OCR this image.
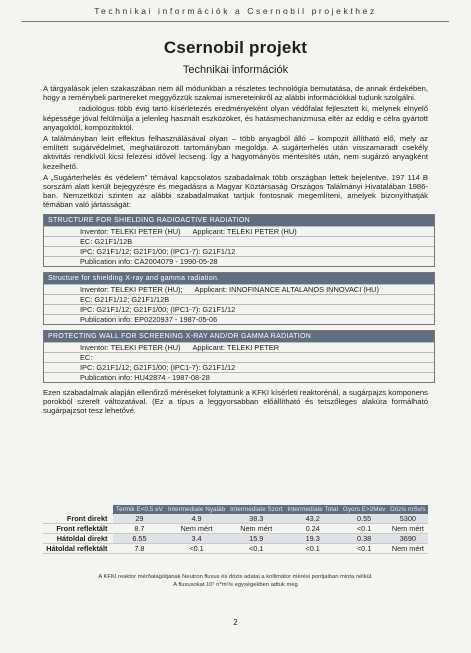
Technikai információk a Csernobil projekthez
Csernobil projekt
Technikai információk

A tárgyalások jelen szakaszában nem áll módunkban a részletes technológia bemutatása, de annak érdekében, hogy a reménybeli partnereket meggyőzzük szakmai ismereteinkről az alábbi információkkal tudunk szolgálni.

radiológus több évig tartó kísérletezés eredményeként olyan védőfalat fejlesztett ki, melynek elnyelő képessége jóval felülmúlja a jelenleg használt eszközöket, és hatásmechanizmusa eltér az eddig e célra gyártott anyagoktól, kompozitoktól.

A találmányban leírt effektus felhasználásával olyan – több anyagból álló – kompozit állítható elő, mely az említett sugárvédelmet, meghatározott tartományban megoldja. A sugárterhelés után visszamaradt csekély aktivitás rendkívül kicsi felezési idővel lecseng. Így a hagyományos mentesítés után, nem sugárzó anyagként kezelhető.

A „Sugárterhelés és védelem" témával kapcsolatos szabadalmak több országban lettek bejelentve. 197 114 B sorszám alatt került bejegyzésre és megadásra a Magyar Köztársaság Országos Találmányi Hivatalában 1986-ban. Nemzetközi szinten az alábbi szabadalmakat tartjuk fontosnak megemlíteni, amelyek bizonyíthatják témában való jártasságát:

STRUCTURE FOR SHIELDING RADIOACTIVE RADIATION
Inventor: TELEKI PETER (HU) Applicant: TELEKI PETER (HU)
EC: G21F1/12B
IPC: G21F1/12; G21F1/00; (IPC1-7): G21F1/12
Publication info: CA2004079 - 1990-05-28
Structure for shielding X-ray and gamma radiation.
Inventor: TELEKI PETER (HU); Applicant: INNOFINANCE ALTALANOS INNOVACI (HU)
EC: G21F1/12; G21F1/12B
IPC: G21F1/12; G21F1/00; (IPC1-7): G21F1/12
Publication info: EP0220937 - 1987-05-06
PROTECTING WALL FOR SCREENING X-RAY AND/OR GAMMA RADIATION
Inventor: TELEKI PETER (HU) Applicant: TELEKI PETER
EC:
IPC: G21F1/12; G21F1/00; (IPC1-7): G21F1/12
Publication info: HU42874 - 1987-08-28

Ezen szabadalmak alapján ellenőrző méréseket folytattunk a KFKI kísérleti reaktorénál, a sugárpajzs komponens porokból szerelt változatával. (Ez a típus a leggyorsabban előállítható és tetszőleges alakúra formálható sugárpajzsot tesz lehetővé.

	Termik E<0.5 eV	Intermediate Nyaláb	Intermediate Szórt	Intermediate Total	Gyors E>2Mev	Dózis mSv/s
Front direkt	29	4.9	38.3	43.2	0.55	5300
Front reflektált	8.7	Nem mért	Nem mért	0.24	<0.1	Nem mért
Hátoldal direkt	6.55	3.4	15.9	19.3	0.38	3690
Hátoldal reflektált	7.8	<0.1	<0.1	<0.1	<0.1	Nem mért
A KFKI reaktor mérőalagútjának Neutron fluxus és dózis adatai a kollimátor mérési pontjaiban minta nélkül.
A fluxusokat 10⁷ n*m²/s egységekben adtuk meg
2
